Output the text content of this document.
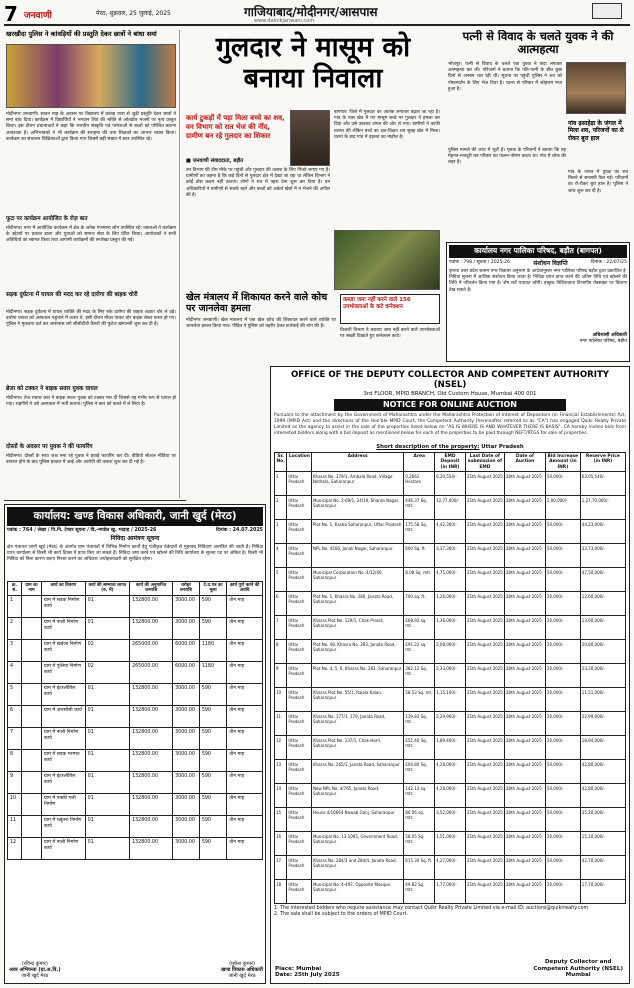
7 जनवाणी	मेरठ, शुक्रवार, 25 जुलाई, 2025	गाजियाबाद/मोदीनगर/आसपास
www.dainikjanwani.com
खरखौदा पुलिस ने कांवड़ियों की प्रस्तुति देकर छात्रों ने बांधा समां
मोदीनगर जनवाणी। सावन माह के अवसर पर विद्यालय में कांवड़ यात्रा से जुड़ी प्रस्तुति देकर छात्रों ने समां बांध दिया। कार्यक्रम में विद्यार्थियों ने भगवान शिव की भक्ति से ओतप्रोत भजनों पर नृत्य प्रस्तुत किया। इस दौरान प्रधानाचार्य ने कहा कि भारतीय संस्कृति एवं परंपराओं से बच्चों को परिचित कराना आवश्यक है। अभिभावकों ने भी कार्यक्रम की सराहना की तथा शिक्षकों का आभार व्यक्त किया। कार्यक्रम का संचालन शिक्षिकाओं द्वारा किया गया जिसमें बड़ी संख्या में छात्र उपस्थित रहे।
फूटा पर कार्यक्रम आयोजित के रोज़ बात
मोदीनगर। नगर में आयोजित कार्यक्रम में क्षेत्र के अनेक गणमान्य लोग उपस्थित रहे। वक्ताओं ने कार्यक्रम के उद्देश्यों पर प्रकाश डाला और युवाओं को समाज सेवा के लिए प्रेरित किया। आयोजकों ने सभी अतिथियों का स्वागत किया तथा आगामी कार्यक्रमों की रूपरेखा प्रस्तुत की गई।
सड़क दुर्घटना में घायल की मदद कर रहे दारोगा की बाइक चोरी
मोदीनगर। सड़क दुर्घटना में घायल व्यक्ति की मदद के लिए रुके दारोगा की बाइक अज्ञात चोर ले उड़े। दारोगा घायल को अस्पताल पहुंचाने में व्यस्त थे, इसी दौरान मौका पाकर चोर बाइक लेकर फरार हो गए। पुलिस ने मुकदमा दर्ज कर आसपास लगे सीसीटीवी कैमरों की फुटेज खंगालनी शुरू कर दी है।
ब्रेजा को टक्कर ने बाइक सवार युवक घायल
मोदीनगर। तेज रफ्तार कार ने बाइक सवार युवक को टक्कर मार दी जिससे वह गंभीर रूप से घायल हो गया। राहगीरों ने उसे अस्पताल में भर्ती कराया। पुलिस ने कार को कब्जे में ले लिया है।
दोस्तों के अवसर पर युवक ने की फायरिंग
मोदीनगर। दोस्तों के साथ जश्न मना रहे युवक ने हवाई फायरिंग कर दी। वीडियो सोशल मीडिया पर वायरल होने के बाद पुलिस हरकत में आई और आरोपी की तलाश शुरू कर दी गई है।
गुलदार ने मासूम को बनाया निवाला
कार्य टुकड़ों में पड़ा मिला बच्चे का शव, वन विभाग को रात भेज की नींद, ग्रामीण बन रहे गुलदार का शिकार
बागपत। जिले में गुलदार का आतंक लगातार बढ़ता जा रहा है। गांव के पास खेत में गए मासूम बच्चे पर गुलदार ने हमला कर दिया और उसे उठाकर जंगल की ओर ले गया। ग्रामीणों ने काफी तलाश की लेकिन बच्चे का क्षत-विक्षत शव सुबह खेत में मिला। घटना के बाद गांव में दहशत का माहौल है।
■ जनवाणी संवाददाता, बड़ौत
वन विभाग की टीम मौके पर पहुंची और गुलदार की तलाश के लिए पिंजरे लगाए गए हैं। ग्रामीणों का कहना है कि कई दिनों से गुलदार क्षेत्र में देखा जा रहा था लेकिन विभाग ने कोई ठोस कदम नहीं उठाया। लोगों ने रात में पहरा देना शुरू कर दिया है। वन अधिकारियों ने ग्रामीणों से सतर्क रहने और बच्चों को अकेले खेतों में न भेजने की अपील की है।
खेल मंत्रालय में शिकायत करने वाले कोच पर जानलेवा हमला
कब्ज़ा जमा नहीं करने वाले 156 उपभोक्ताओं के कटे कनेक्शन
मोदीनगर जनवाणी। खेल मंत्रालय में एक खेल कोच की शिकायत करने वाले व्यक्ति पर जानलेवा हमला किया गया। पीड़ित ने पुलिस को तहरीर देकर कार्रवाई की मांग की है।
बिजली विभाग ने बकाया जमा नहीं करने वाले उपभोक्ताओं पर सख्ती दिखाते हुए कनेक्शन काटे।
पत्नी से विवाद के चलते युवक ने की आत्महत्या
भोजपुर। पत्नी से विवाद के चलते एक युवक ने फंदा लगाकर आत्महत्या कर ली। परिजनों ने बताया कि पति-पत्नी के बीच कुछ दिनों से अनबन चल रही थी। सूचना पर पहुंची पुलिस ने शव को पोस्टमार्टम के लिए भेज दिया है। घटना से परिवार में कोहराम मचा हुआ है।
गांव ढ़साहेड़ा के जंगल में मिला शव, परिजनों का रो रोकर बुरा हाल
पुलिस मामले की जांच में जुटी है। मृतक के परिजनों ने बताया कि वह मेहनत-मजदूरी कर परिवार का पालन-पोषण करता था। गांव में शोक की लहर है।
गांव के जंगल में युवक का शव मिलने से सनसनी फैल गई। परिजनों का रो-रोकर बुरा हाल है। पुलिस ने जांच शुरू कर दी है।
कार्यालय नगर पालिका परिषद, बड़ौत (बागपत)
पत्रांक : 798 / सूचना / 2025-26	संशोधन विज्ञप्ति	दिनांक : 22/07/25
कृपया उत्तर प्रदेश शासन नगर विकास अनुभाग के आदेशानुसार नगर पालिका परिषद बड़ौत द्वारा प्रकाशित ई-निविदा सूचना में आंशिक संशोधन किया जाता है। निविदा प्रपत्र प्राप्त करने की अंतिम तिथि एवं खोलने की तिथि में परिवर्तन किया गया है। शेष शर्तें यथावत रहेंगी। इच्छुक निविदादाता विभागीय वेबसाइट पर विवरण देख सकते हैं।
अधिशासी अधिकारी
नगर पालिका परिषद, बड़ौत
कार्यालय: खण्ड विकास अधिकारी, जानी खुर्द (मेरठ)
पत्रांक : 764 / लेखा / पि.नि. टेण्डर सूचना / वि.-मण्डेल खु. भाड़ाह / 2025-26	दिनांक : 24.07.2025
निविदा आमंत्रण सूचना
क्षेत्र पंचायत जानी खुर्द (मेरठ) के अंतर्गत ग्राम पंचायतों में विभिन्न निर्माण कार्यों हेतु पंजीकृत ठेकेदारों से मुहरबंद निविदाएं आमंत्रित की जाती हैं। निविदा प्रपत्र कार्यालय से किसी भी कार्य दिवस में प्राप्त किए जा सकते हैं। निविदा जमा करने एवं खोलने की तिथि कार्यालय के सूचना पट पर अंकित है। किसी भी निविदा को बिना कारण बताए निरस्त करने का अधिकार अधोहस्ताक्षरी को सुरक्षित रहेगा।
क्र. सं.	ग्राम का नाम	कार्य का विवरण	कार्य की सम्भाव्य लागत (रु. में)	कार्य की अनुमानित धनराशि	धरोहर धनराशि	टे.प्र.पत्र का मूल्य	कार्य पूर्ण करने की अवधि
1		ग्राम में सड़क निर्माण कार्य	01	132800.00	3000.00	590	तीन माह
2		ग्राम में नाली निर्माण कार्य	01	132800.00	3000.00	590	तीन माह
3		ग्राम में खड़ंजा निर्माण कार्य	02	265000.00	6000.00	1180	तीन माह
4		ग्राम में पुलिया निर्माण कार्य	02	265000.00	6000.00	1180	तीन माह
5		ग्राम में इंटरलॉकिंग कार्य	01	132800.00	3000.00	590	तीन माह
6		ग्राम में आरसीसी कार्य	01	132800.00	3000.00	590	तीन माह
7		ग्राम में नाली निर्माण कार्य	01	132800.00	3000.00	590	तीन माह
8		ग्राम में सड़क मरम्मत कार्य	01	132800.00	3000.00	590	तीन माह
9		ग्राम में इंटरलॉकिंग कार्य	01	132800.00	3000.00	590	तीन माह
10		ग्राम में पक्की गली निर्माण	01	132800.00	3000.00	590	तीन माह
11		ग्राम में चबूतरा निर्माण कार्य	01	132800.00	3000.00	590	तीन माह
12		ग्राम में नाली निर्माण कार्य	01	132800.00	3000.00	590	तीन माह
(रविन्द्र कुमार)
अवर अभियन्ता (ग्रा.अ.वि.)
जानी खुर्द मेरठ
(मुकेश कुमार)
खण्ड विकास अधिकारी
जानी खुर्द मेरठ
OFFICE OF THE DEPUTY COLLECTOR AND COMPETENT AUTHORITY (NSEL)
3rd FLOOR, MPID BRANCH, Old Custom House, Mumbai 400 001
NOTICE FOR ONLINE AUCTION
Pursuant to the attachment by the Government of Maharashtra under the Maharashtra Protection of Interest of Depositors (in Financial Establishments) Act, 1999 (MPID Act) and the directions of the Hon'ble MPID Court, the Competent Authority (hereinafter referred to as "CA") has engaged Quikr Realty Private Limited as the agency to assist in the sale of the properties listed below on "AS IS WHERE IS AND WHATEVER THERE IS BASIS". CA hereby invites bids from interested bidders along with a bid deposit as mentioned below for each of the properties to be paid through NEFT/RTGS for sale of properties.
Short description of the property: Uttar Pradesh
Sr. No.	Location	Address	Area	EMD Deposit (in INR)	Last Date of submission of EMD	Date of Auction	Bid Increase Amount (in INR)	Reserve Price (in INR)
1	Uttar Pradesh	Khasra No. 379/1, Ambala Road, Village Nethela, Saharanpur	0.2662 Hectare	6,30,554/-	25th August 2025	28th August 2025	50,000/-	63,05,540/-
2	Uttar Pradesh	Municipal No. 2-69/1, 24/19, Sharda Nagar, Saharanpur	446.37 Sq. mtr.	12,77,000/-	25th August 2025	28th August 2025	2,00,000/-	1,27,70,000/-
3	Uttar Pradesh	Plot No. 1, Kasba Saharanpur, Uttar Pradesh	175.58 Sq. mtr.	4,42,300/-	25th August 2025	28th August 2025	50,000/-	44,23,000/-
4	Uttar Pradesh	NPL No. 4506, Janak Nagar, Saharanpur	600 Sq. ft.	3,37,300/-	25th August 2025	28th August 2025	50,000/-	33,73,000/-
5	Uttar Pradesh	Municipal Corporation No. 4/12/46, Saharanpur	8.08 Sq. mtr.	4,75,000/-	25th August 2025	28th August 2025	50,000/-	47,50,000/-
6	Uttar Pradesh	Plot No. 1, Khasra No. 280, Janata Road, Saharanpur	700 sq. ft.	1,26,000/-	25th August 2025	28th August 2025	20,000/-	12,60,000/-
7	Uttar Pradesh	Khasra Plot No. 129/1, Chak-Prasid, Saharanpur	268.93 sq. mt.	1,36,000/-	25th August 2025	28th August 2025	20,000/-	13,60,000/-
8	Uttar Pradesh	Plot No. 48, Khasra No. 283, Janata Road, Saharanpur	291.22 sq. mt.	2,08,000/-	25th August 2025	28th August 2025	20,000/-	20,80,000/-
9	Uttar Pradesh	Plot No. 4, 5, 6, Khasra No. 283, Saharanpur	382.12 Sq. mt.	2,33,000/-	25th August 2025	28th August 2025	20,000/-	23,30,000/-
10	Uttar Pradesh	Khasra Plot No. 55/1, Rajola Kalan, Saharanpur	58.53 Sq. mt.	1,15,100/-	25th August 2025	28th August 2025	20,000/-	11,51,000/-
11	Uttar Pradesh	Khasra No. 177/1, 179, Janata Road, Saharanpur	119.83 Sq. mt.	2,29,900/-	25th August 2025	28th August 2025	20,000/-	22,99,000/-
12	Uttar Pradesh	Khasra Plot No. 137/1, Chak-Harri, Saharanpur	251.40 Sq. mtr.	1,89,400/-	25th August 2025	28th August 2025	20,000/-	18,94,000/-
13	Uttar Pradesh	Khasra No. 265/1, Janata Road, Saharanpur	204.84 Sq. mtr.	4,28,000/-	25th August 2025	28th August 2025	50,000/-	42,80,000/-
14	Uttar Pradesh	New NPL No. 4/765, Janata Road, Saharanpur	142.13 sq. mtr.	4,28,000/-	25th August 2025	28th August 2025	50,000/-	42,80,000/-
15	Uttar Pradesh	House 4/10664 Nawab Ganj, Saharanpur	86.06 sq. mtr.	3,52,000/-	25th August 2025	28th August 2025	50,000/-	35,20,000/-
16	Uttar Pradesh	Municipal No. 13-1095, Government Road, Saharanpur	58.05 Sq. mtr.	1,51,000/-	25th August 2025	28th August 2025	20,000/-	15,10,000/-
17	Uttar Pradesh	Khasra No. 284/3 and 284/4, Janata Road, Saharanpur	615.34 Sq. ft.	4,27,000/-	25th August 2025	28th August 2025	50,000/-	42,70,000/-
18	Uttar Pradesh	Municipal No. 4-497, Opposite Mosque, Saharanpur	49.82 Sq. mtr.	1,77,000/-	25th August 2025	28th August 2025	20,000/-	17,70,000/-
1. The interested bidders who require assistance may contact Quikr Realty Private Limited via e-mail ID: auctions@quikrrealty.com
2. The sale shall be subject to the orders of MPID Court.
Place: Mumbai
Date: 25th July 2025
Deputy Collector and
Competent Authority (NSEL)
Mumbai
